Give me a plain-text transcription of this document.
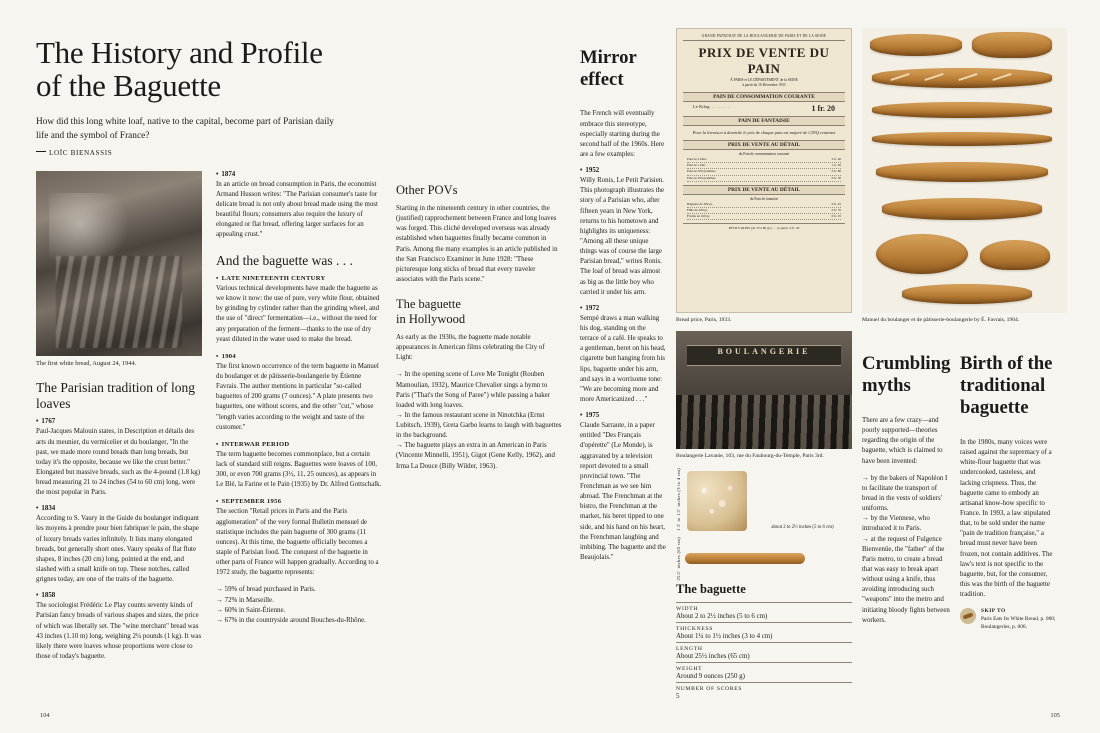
The History and Profile
of the Baguette
How did this long white loaf, native to the capital, become part of Parisian daily life and the symbol of France?
LOÏC BIENASSIS
The first white bread, August 24, 1944.
The Parisian tradition of long loaves
• 1767

Paul-Jacques Malouin states, in Description et détails des arts du meunier, du vermicelier et du boulanger, "In the past, we made more round breads than long breads, but today it's the opposite, because we like the crust better." Elongated but massive breads, such as the 4-pound (1.8 kg) bread measuring 21 to 24 inches (54 to 60 cm) long, were the most popular in Paris.

• 1834

According to S. Vaury in the Guide du boulanger indiquant les moyens à prendre pour bien fabriquer le pain, the shape of luxury breads varies infinitely. It lists many elongated breads, but generally short ones. Vaury speaks of flat flute shapes, 8 inches (20 cm) long, pointed at the end, and slashed with a small knife on top. These notches, called grignes today, are one of the traits of the baguette.

• 1858

The sociologist Frédéric Le Play counts seventy kinds of Parisian fancy breads of various shapes and sizes, the price of which was liberally set. The "wine merchant" bread was 43 inches (1.10 m) long, weighing 2¼ pounds (1 kg). It was likely there were loaves whose proportions were close to those of today's baguette.

• 1874

In an article on bread consumption in Paris, the economist Armand Husson writes: "The Parisian consumer's taste for delicate bread is not only about bread made using the most beautiful flours; consumers also require the luxury of elongated or flat bread, offering larger surfaces for an appealing crust."

And the baguette was . . .
• LATE NINETEENTH CENTURY

Various technical developments have made the baguette as we know it now: the use of pure, very white flour, obtained by grinding by cylinder rather than the grinding wheel, and the use of "direct" fermentation—i.e., without the need for any preparation of the ferment—thanks to the use of dry yeast diluted in the water used to make the bread.

• 1904

The first known occurrence of the term baguette in Manuel du boulanger et de pâtisserie-boulangerie by Étienne Favrais. The author mentions in particular "so-called baguettes of 200 grams (7 ounces)." A plate presents two baguettes, one without scores, and the other "cut," whose "length varies according to the weight and taste of the customer."

• INTERWAR PERIOD

The term baguette becomes commonplace, but a certain lack of standard still reigns. Baguettes were loaves of 100, 300, or even 700 grams (3½, 11, 25 ounces), as appears in Le Blé, la Farine et le Pain (1935) by Dr. Alfred Gottschalk.

• SEPTEMBER 1956

The section "Retail prices in Paris and the Paris agglomeration" of the very formal Bulletin mensuel de statistique includes the pain baguette of 300 grams (11 ounces). At this time, the baguette officially becomes a staple of Parisian food. The conquest of the baguette in other parts of France will happen gradually. According to a 1972 study, the baguette represents:

→ 59% of bread purchased in Paris.

→ 72% in Marseille.

→ 60% in Saint-Étienne.

→ 67% in the countryside around Bouches-du-Rhône.

Other POVs

Starting in the nineteenth century in other countries, the (justified) rapprochement between France and long loaves was forged. This cliché developed overseas was already established when baguettes finally became common in Paris. Among the many examples is an article published in the San Francisco Examiner in June 1928: "These picturesque long sticks of bread that every traveler associates with the Paris scene."

The baguette
in Hollywood

As early as the 1930s, the baguette made notable appearances in American films celebrating the City of Light:

→ In the opening scene of Love Me Tonight (Rouben Mamoulian, 1932), Maurice Chevalier sings a hymn to Paris ("That's the Song of Paree") while passing a baker loaded with long loaves.

→ In the famous restaurant scene in Ninotchka (Ernst Lubitsch, 1939), Greta Garbo learns to laugh with baguettes in the background.

→ The baguette plays an extra in an American in Paris (Vincente Minnelli, 1951), Gigot (Gene Kelly, 1962), and Irma La Douce (Billy Wilder, 1963).

Mirror effect

The French will eventually embrace this stereotype, especially starting during the second half of the 1960s. Here are a few examples:

• 1952

Willy Ronis, Le Petit Parisien. This photograph illustrates the story of a Parisian who, after fifteen years in New York, returns to his hometown and highlights its uniqueness: "Among all these unique things was of course the large Parisian bread," writes Ronis. The loaf of bread was almost as big as the little boy who carried it under his arm.

• 1972

Sempé draws a man walking his dog, standing on the terrace of a café. He speaks to a gentleman, beret on his head, cigarette butt hanging from his lips, baguette under his arm, and says in a worrisome tone: "We are becoming more and more Americanized . . ."

• 1975

Claude Sarraute, in a paper entitled "Des Français d'opérette" (Le Monde), is aggravated by a television report devoted to a small provincial town. "The Frenchman as we see him abroad. The Frenchman at the bistro, the Frenchman at the market, his beret tipped to one side, and his hand on his heart, the Frenchman laughing and imbibing. The baguette and the Beaujolais."

GRAND PATRONAT DE LA BOULANGERIE DE PARIS ET DE LA SEINE
PRIX DE VENTE DU PAIN
À PARIS et LE DÉPARTEMENT de la SEINE
à partir du 16 Décembre 1933
PAIN DE CONSOMMATION COURANTE
Le Kilog. . . . . . . . . .	1 fr. 20
PAIN DE FANTAISIE
Pour la livraison à domicile le prix de chaque pain est majoré de CINQ centimes
PRIX DE VENTE AU DÉTAIL
du Pain de consommation courante
Pain de 2 kilos	2 fr. 40
Pain de 1 kilo	1 fr. 20
Pain de 500 grammes	0 fr. 60
Pain de 250 grammes	0 fr. 30
PRIX DE VENTE AU DÉTAIL
du Pain de fantaisie
Baguette de 300 gr.	0 fr. 45
Flûte de 200 gr.	0 fr. 35
Ficelle de 100 gr.	0 fr. 25
PETITS PAINS (de 70 à 80 gr.) . . . la pièce. 0 fr. 20
Bread price, Paris, 1933.
BOULANGERIE
Boulangerie Lavanie, 103, rue du Faubourg-du-Temple, Paris 3rd.
1¼ to 1½ inches (3 to 4 cm)	about 2 to 2½ inches (5 to 6 cm)
25½ inches (65 cm)
The baguette
WIDTH
About 2 to 2½ inches (5 to 6 cm)
THICKNESS
About 1¼ to 1½ inches (3 to 4 cm)
LENGTH
About 25½ inches (65 cm)
WEIGHT
Around 9 ounces (250 g)
NUMBER OF SCORES
5
Manuel du boulanger et de pâtisserie-boulangerie by É. Favrais, 1904.
Crumbling
myths

There are a few crazy—and poorly supported—theories regarding the origin of the baguette, which is claimed to have been invented:

→ by the bakers of Napoléon I to facilitate the transport of bread in the vests of soldiers' uniforms.

→ by the Viennese, who introduced it to Paris.

→ at the request of Fulgence Bienvenüe, the "father" of the Paris metro, to create a bread that was easy to break apart without using a knife, thus avoiding introducing such "weapons" into the metro and initiating bloody fights between workers.

Birth of the
traditional
baguette

In the 1980s, many voices were raised against the supremacy of a white-flour baguette that was undercooked, tasteless, and lacking crispness. Thus, the baguette came to embody an artisanal know-how specific to France. In 1993, a law stipulated that, to be sold under the name "pain de tradition française," a bread must never have been frozen, not contain additives. The law's text is not specific to the baguette, but, for the consumer, this was the birth of the baguette tradition.

SKIP TO
Paris Eats Its White Bread, p. 000; Boulangeries, p. 000.
104	105
